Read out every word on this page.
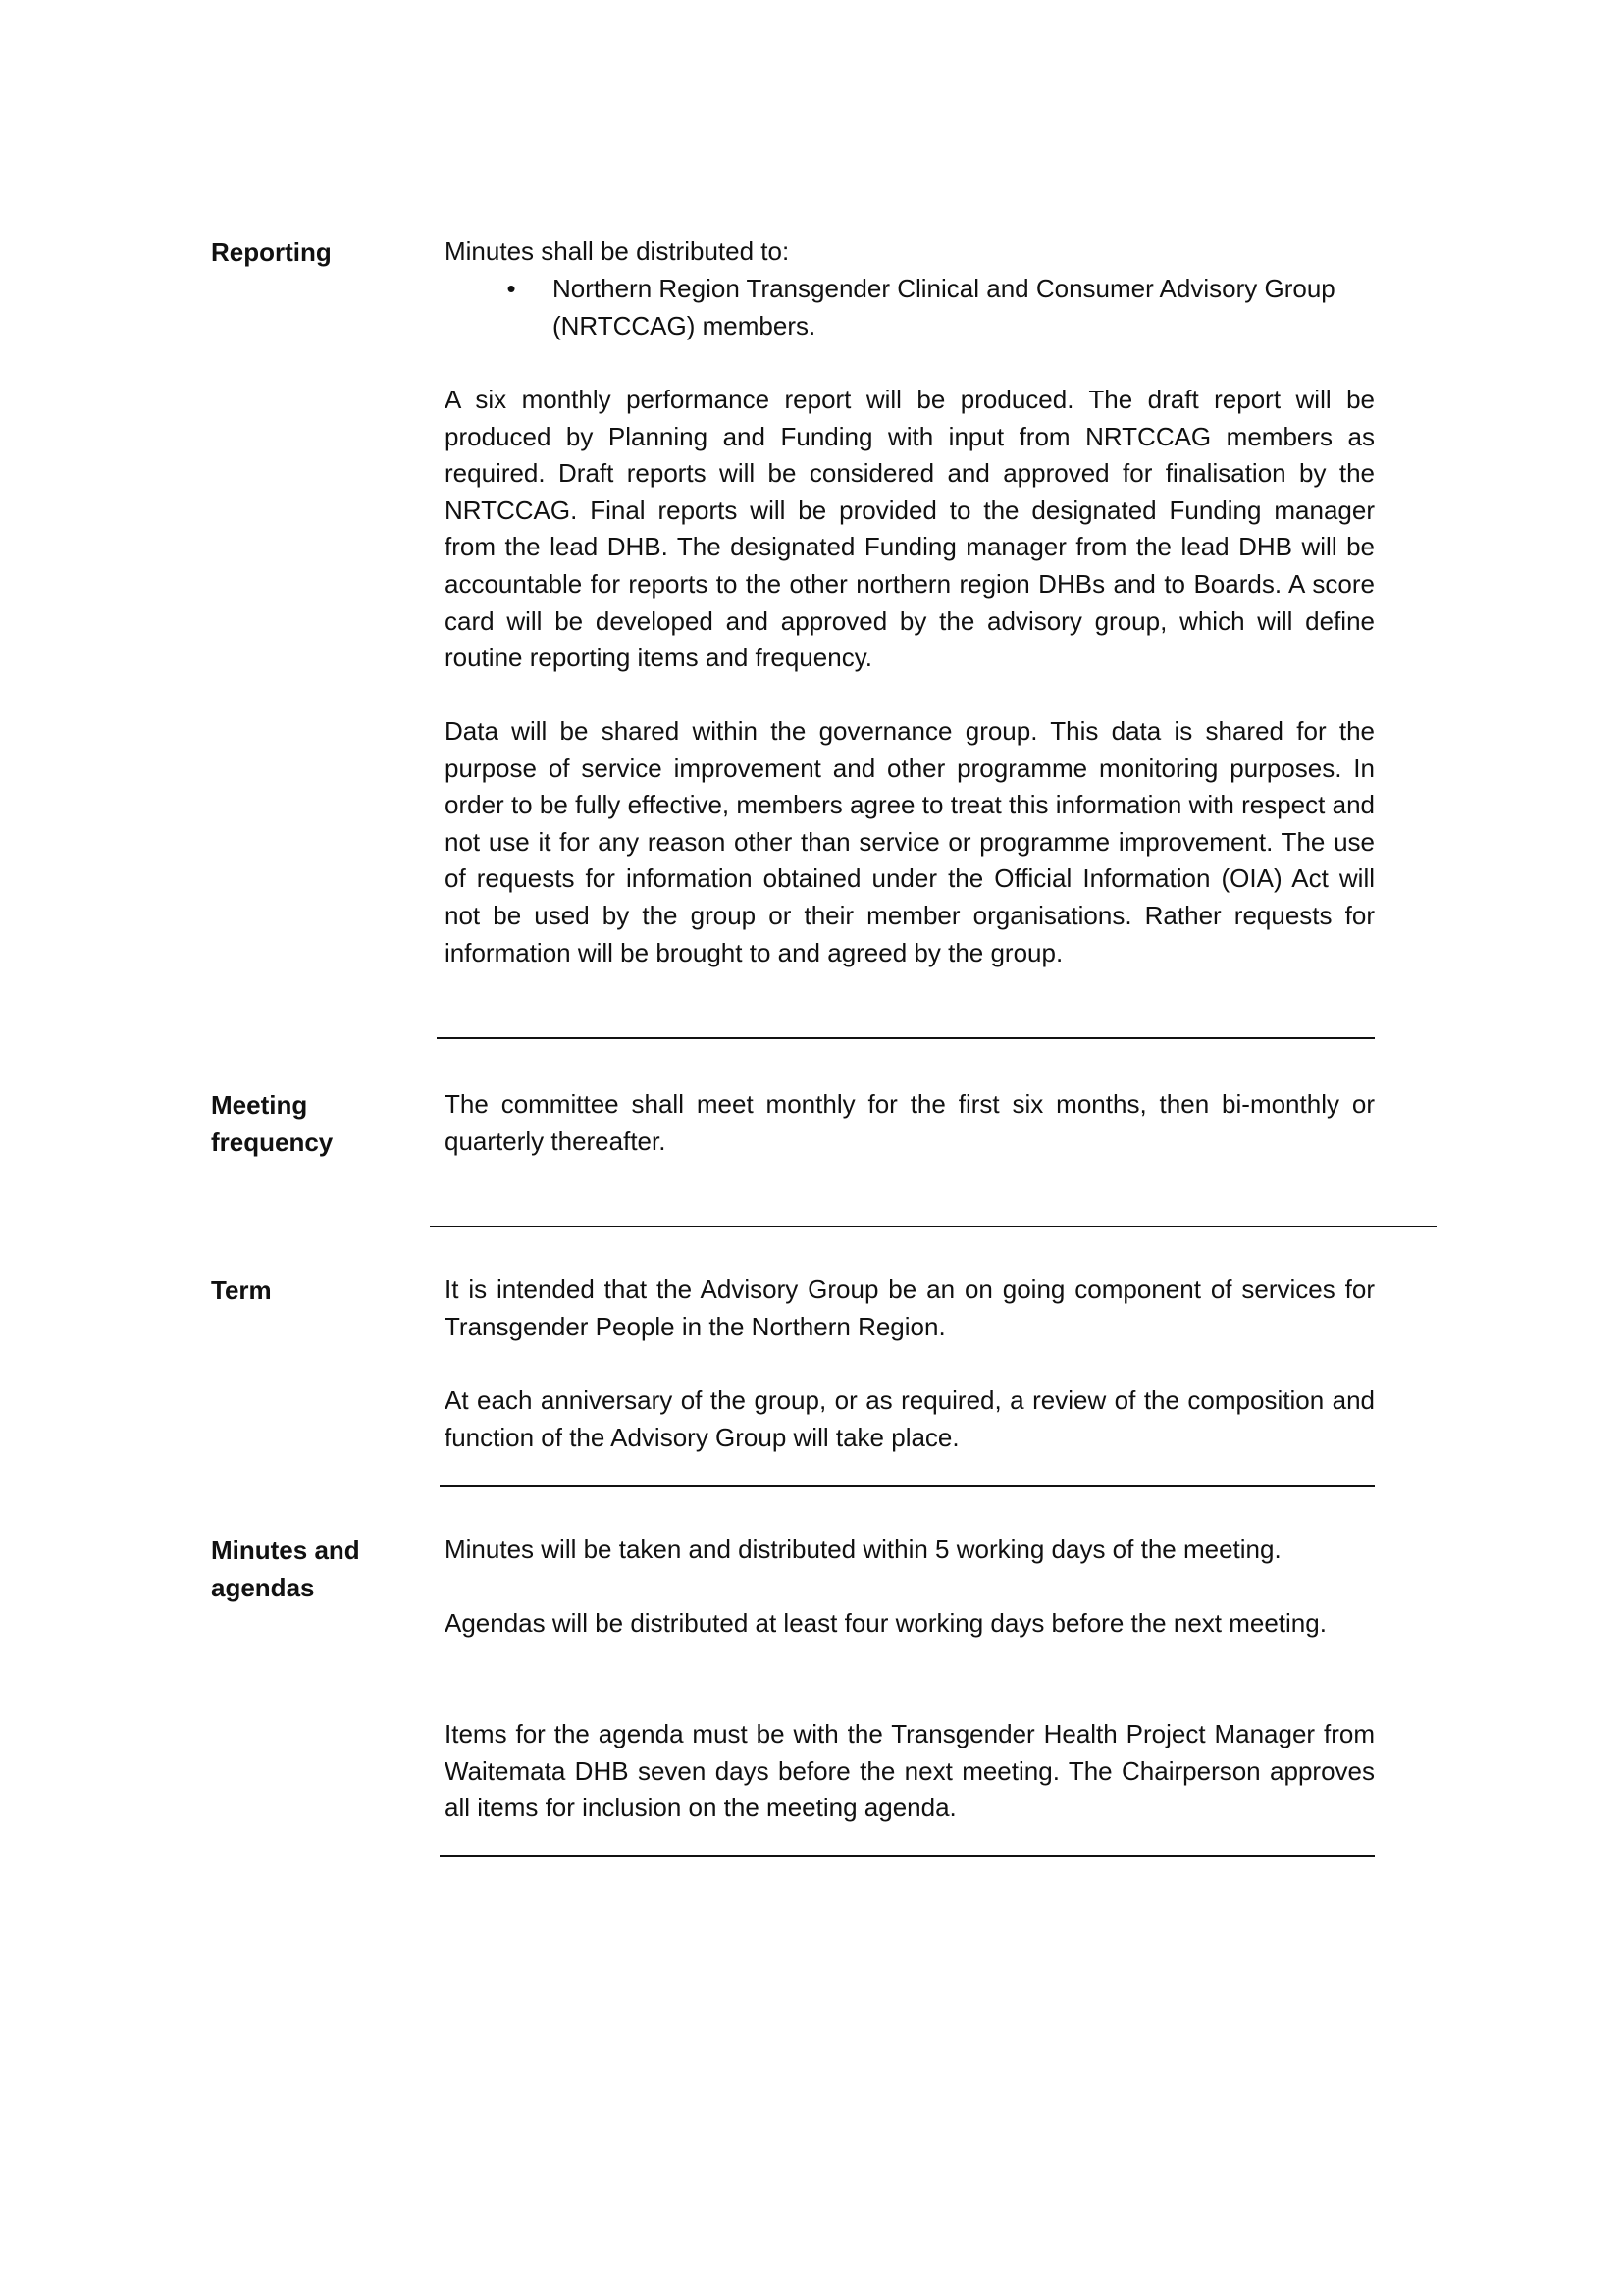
Reporting	Minutes shall be distributed to:
• Northern Region Transgender Clinical and Consumer Advisory Group (NRTCCAG) members.
A six monthly performance report will be produced. The draft report will be produced by Planning and Funding with input from NRTCCAG members as required. Draft reports will be considered and approved for finalisation by the NRTCCAG. Final reports will be provided to the designated Funding manager from the lead DHB. The designated Funding manager from the lead DHB will be accountable for reports to the other northern region DHBs and to Boards. A score card will be developed and approved by the advisory group, which will define routine reporting items and frequency.
Data will be shared within the governance group. This data is shared for the purpose of service improvement and other programme monitoring purposes. In order to be fully effective, members agree to treat this information with respect and not use it for any reason other than service or programme improvement. The use of requests for information obtained under the Official Information (OIA) Act will not be used by the group or their member organisations. Rather requests for information will be brought to and agreed by the group.
Meeting
frequency
The committee shall meet monthly for the first six months, then bi-monthly or quarterly thereafter.
Term	It is intended that the Advisory Group be an on going component of services for Transgender People in the Northern Region.
At each anniversary of the group, or as required, a review of the composition and function of the Advisory Group will take place.
Minutes and
agendas
Minutes will be taken and distributed within 5 working days of the meeting.
Agendas will be distributed at least four working days before the next meeting.
Items for the agenda must be with the Transgender Health Project Manager from Waitemata DHB seven days before the next meeting. The Chairperson approves all items for inclusion on the meeting agenda.
